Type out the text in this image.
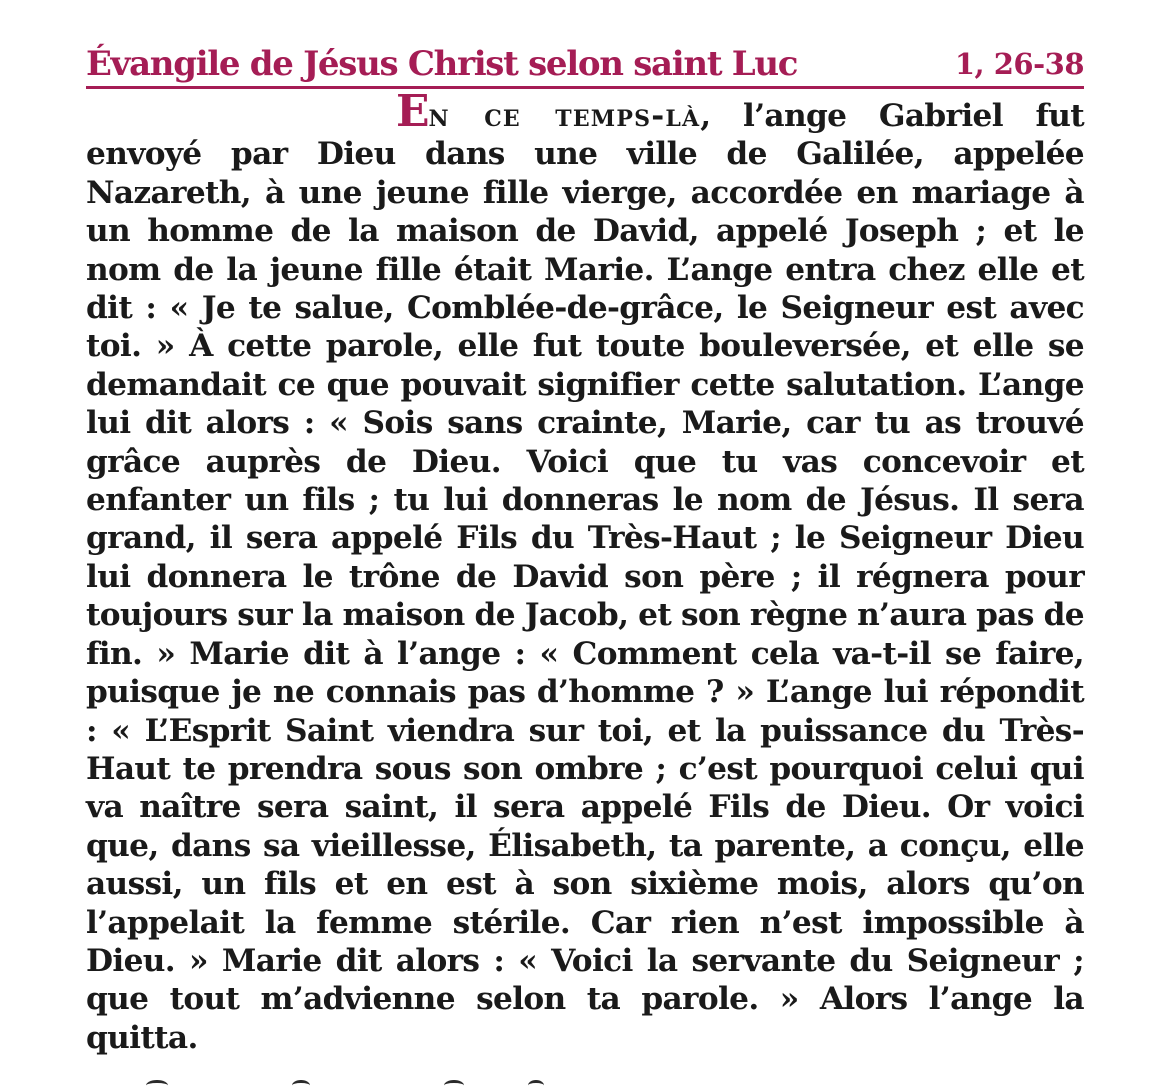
Évangile de Jésus Christ selon saint Luc	1, 26-38

En ce temps-là, l’ange Gabriel fut envoyé par Dieu dans une ville de Galilée, appelée Nazareth, à une jeune fille vierge, accordée en mariage à un homme de la maison de David, appelé Joseph ; et le nom de la jeune fille était Marie. L’ange entra chez elle et dit : « Je te salue, Comblée-de-grâce, le Seigneur est avec toi. » À cette parole, elle fut toute bouleversée, et elle se demandait ce que pouvait signifier cette salutation. L’ange lui dit alors : « Sois sans crainte, Marie, car tu as trouvé grâce auprès de Dieu. Voici que tu vas concevoir et enfanter un fils ; tu lui donneras le nom de Jésus. Il sera grand, il sera appelé Fils du Très-Haut ; le Seigneur Dieu lui donnera le trône de David son père ; il régnera pour toujours sur la maison de Jacob, et son règne n’aura pas de fin. » Marie dit à l’ange : « Comment cela va-t-il se faire, puisque je ne connais pas d’homme ? » L’ange lui répondit : « L’Esprit Saint viendra sur toi, et la puissance du Très-Haut te prendra sous son ombre ; c’est pourquoi celui qui va naître sera saint, il sera appelé Fils de Dieu. Or voici que, dans sa vieillesse, Élisabeth, ta parente, a conçu, elle aussi, un fils et en est à son sixième mois, alors qu’on l’appelait la femme stérile. Car rien n’est impossible à Dieu. » Marie dit alors : « Voici la servante du Seigneur ; que tout m’advienne selon ta parole. » Alors l’ange la quitta.
